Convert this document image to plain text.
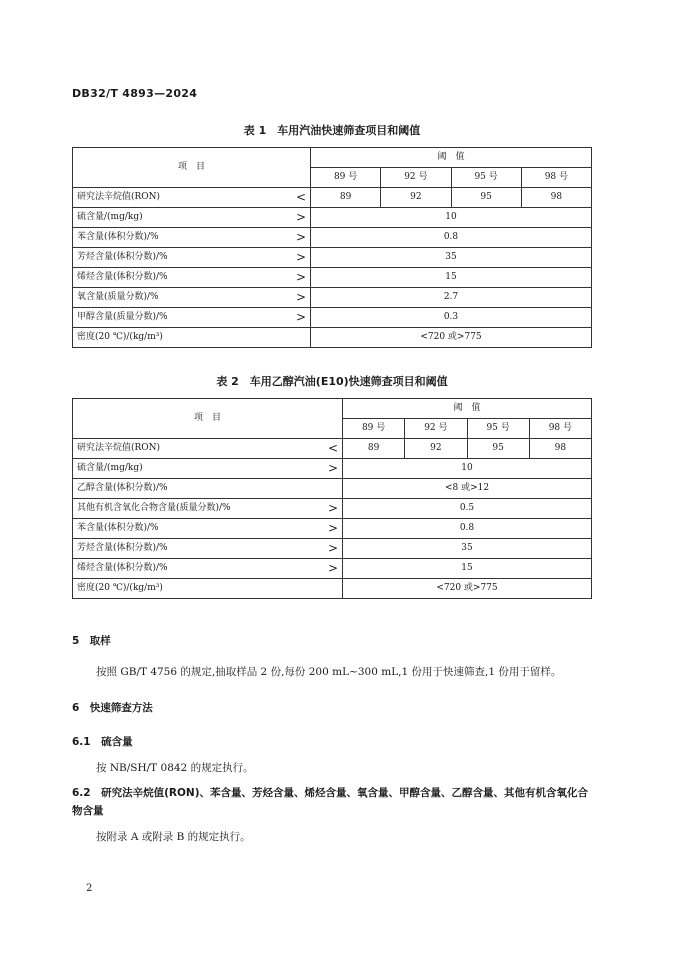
DB32/T 4893—2024
表 1　车用汽油快速筛查项目和阈值
项　目	阈　值			
	89 号	92 号	95 号	98 号

研究法辛烷值(RON) <	89	92	95	98

硫含量/(mg/kg) >	10			

苯含量(体积分数)/% >	0.8			

芳烃含量(体积分数)/% >	35			

烯烃含量(体积分数)/% >	15			

氧含量(质量分数)/% >	2.7			

甲醇含量(质量分数)/% >	0.3			

密度(20 ℃)/(kg/m³)	<720 或>775			
表 2　车用乙醇汽油(E10)快速筛查项目和阈值
项　目	阈　值			
	89 号	92 号	95 号	98 号

研究法辛烷值(RON) <	89	92	95	98

硫含量/(mg/kg) >	10			

乙醇含量(体积分数)/%	<8 或>12			

其他有机含氧化合物含量(质量分数)/% >	0.5			

苯含量(体积分数)/% >	0.8			

芳烃含量(体积分数)/% >	35			

烯烃含量(体积分数)/% >	15			

密度(20 ℃)/(kg/m³)	<720 或>775			
5　取样
按照 GB/T 4756 的规定,抽取样品 2 份,每份 200 mL~300 mL,1 份用于快速筛查,1 份用于留样。
6　快速筛查方法
6.1　硫含量
按 NB/SH/T 0842 的规定执行。
6.2　研究法辛烷值(RON)、苯含量、芳烃含量、烯烃含量、氧含量、甲醇含量、乙醇含量、其他有机含氧化合物含量
按附录 A 或附录 B 的规定执行。
2
